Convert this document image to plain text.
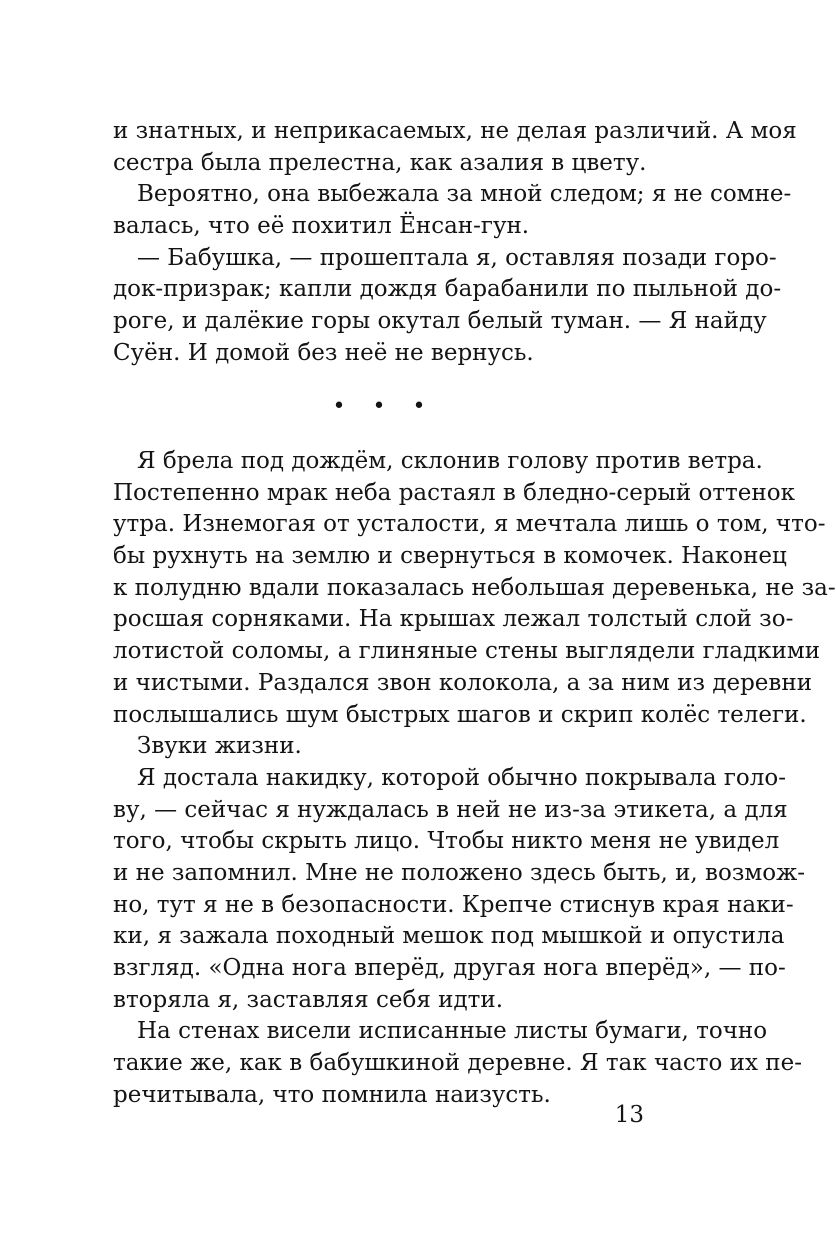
и знатных, и неприкасаемых, не делая различий. А моя
сестра была прелестна, как азалия в цвету.
Вероятно, она выбежала за мной следом; я не сомне-
валась, что её похитил Ёнсан-гун.
— Бабушка, — прошептала я, оставляя позади горо-
док-призрак; капли дождя барабанили по пыльной до-
роге, и далёкие горы окутал белый туман. — Я найду
Суён. И домой без неё не вернусь.
• • •
Я брела под дождём, склонив голову против ветра.
Постепенно мрак неба растаял в бледно-серый оттенок
утра. Изнемогая от усталости, я мечтала лишь о том, что-
бы рухнуть на землю и свернуться в комочек. Наконец
к полудню вдали показалась небольшая деревенька, не за-
росшая сорняками. На крышах лежал толстый слой зо-
лотистой соломы, а глиняные стены выглядели гладкими
и чистыми. Раздался звон колокола, а за ним из деревни
послышались шум быстрых шагов и скрип колёс телеги.
Звуки жизни.
Я достала накидку, которой обычно покрывала голо-
ву, — сейчас я нуждалась в ней не из-за этикета, а для
того, чтобы скрыть лицо. Чтобы никто меня не увидел
и не запомнил. Мне не положено здесь быть, и, возмож-
но, тут я не в безопасности. Крепче стиснув края наки-
ки, я зажала походный мешок под мышкой и опустила
взгляд. «Одна нога вперёд, другая нога вперёд», — по-
вторяла я, заставляя себя идти.
На стенах висели исписанные листы бумаги, точно
такие же, как в бабушкиной деревне. Я так часто их пе-
речитывала, что помнила наизусть.
13
